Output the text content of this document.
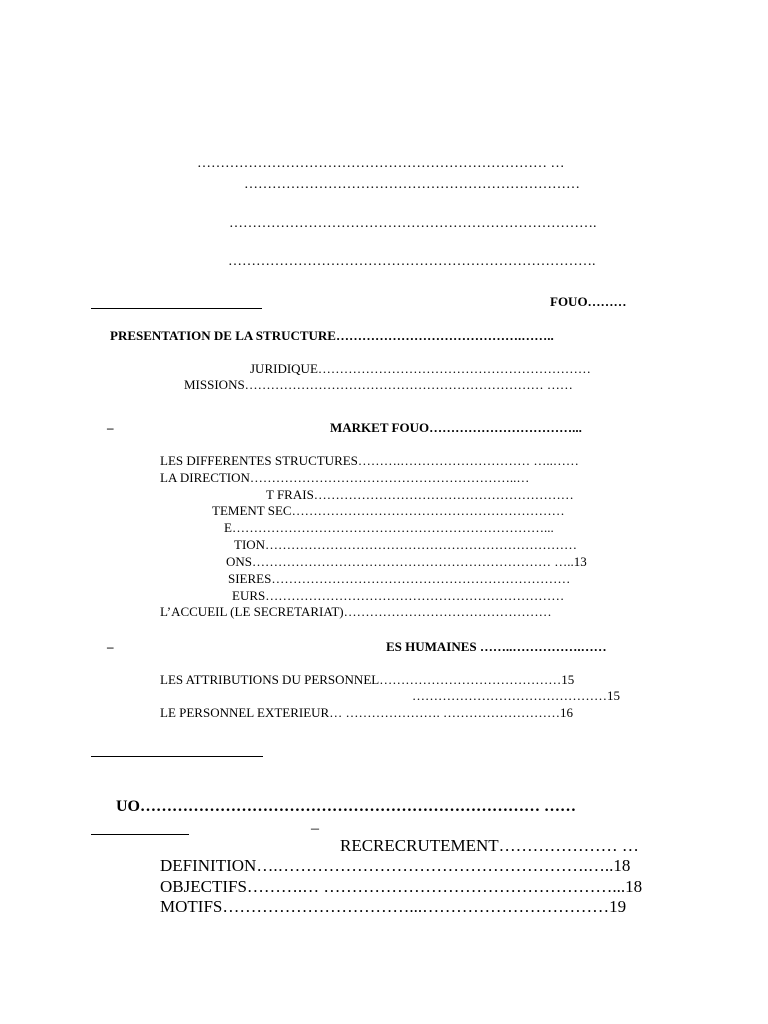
………………………………………………………………… …
………………………………………………………………
…………………………………………………………………….
…………………………………………………………………….
FOUO………
PRESENTATION DE LA STRUCTURE…………………………………….……..
JURIDIQUE………………………………………………………
MISSIONS…………………………………………………………… ……
–	MARKET FOUO……………………………...
LES DIFFERENTES STRUCTURES……….………………………… …..……
LA DIRECTION……………………………………………………..…
T FRAIS……………………………………………………
TEMENT SEC………………………………………………………
E………………………………………………………………...
TION………………………………………………………………
ONS…………………………………………………………… …..13
SIERES……………………………………………………………
EURS……………………………………………………………
L’ACCUEIL (LE SECRETARIAT)…………………………………………
–	ES HUMAINES ……..…………….……
LES ATTRIBUTIONS DU PERSONNEL……………………………………15
………………………………………15
LE PERSONNEL EXTERIEUR… …………………. ………………………16
UO………………………………………………………………… ……
–
RECRECRUTEMENT………………… …
DEFINITION….……………………………………………….…..18
OBJECTIFS……….… ……………………………………………...18
MOTIFS……………………………...……………………………19
